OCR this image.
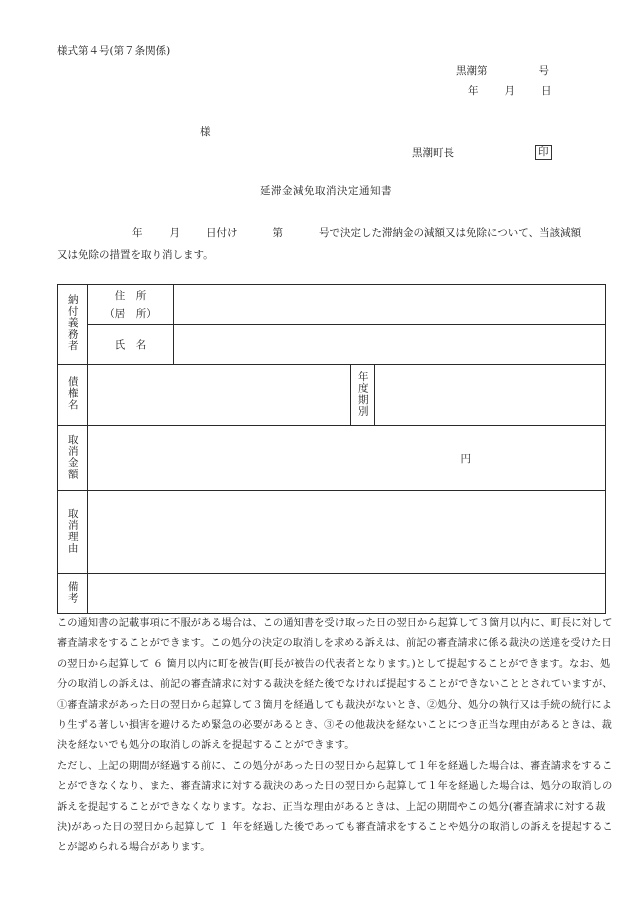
様式第４号(第７条関係)
黒潮第	号
年 月 日
様
黒潮町長	印
延滞金減免取消決定通知書
年	月 日付け	第	号で決定した滞納金の減額又は免除について、当該減額
又は免除の措置を取り消します。
納付義務者	住　所
（居　所）			

	氏　名			
債権名			年度期別	
取消金額	円			
取消理由				
備考				

この通知書の記載事項に不服がある場合は、この通知書を受け取った日の翌日から起算して３箇月以内に、町長に対して審査請求をすることができます。この処分の決定の取消しを求める訴えは、前記の審査請求に係る裁決の送達を受けた日の翌日から起算して ６ 箇月以内に町を被告(町長が被告の代表者となります。)として提起することができます。なお、処分の取消しの訴えは、前記の審査請求に対する裁決を経た後でなければ提起することができないこととされていますが、①審査請求があった日の翌日から起算して３箇月を経過しても裁決がないとき、②処分、処分の執行又は手続の続行により生ずる著しい損害を避けるため緊急の必要があるとき、③その他裁決を経ないことにつき正当な理由があるときは、裁決を経ないでも処分の取消しの訴えを提起することができます。

ただし、上記の期間が経過する前に、この処分があった日の翌日から起算して１年を経過した場合は、審査請求をすることができなくなり、また、審査請求に対する裁決のあった日の翌日から起算して１年を経過した場合は、処分の取消しの訴えを提起することができなくなります。なお、正当な理由があるときは、上記の期間やこの処分(審査請求に対する裁決)があった日の翌日から起算して １ 年を経過した後であっても審査請求をすることや処分の取消しの訴えを提起することが認められる場合があります。
